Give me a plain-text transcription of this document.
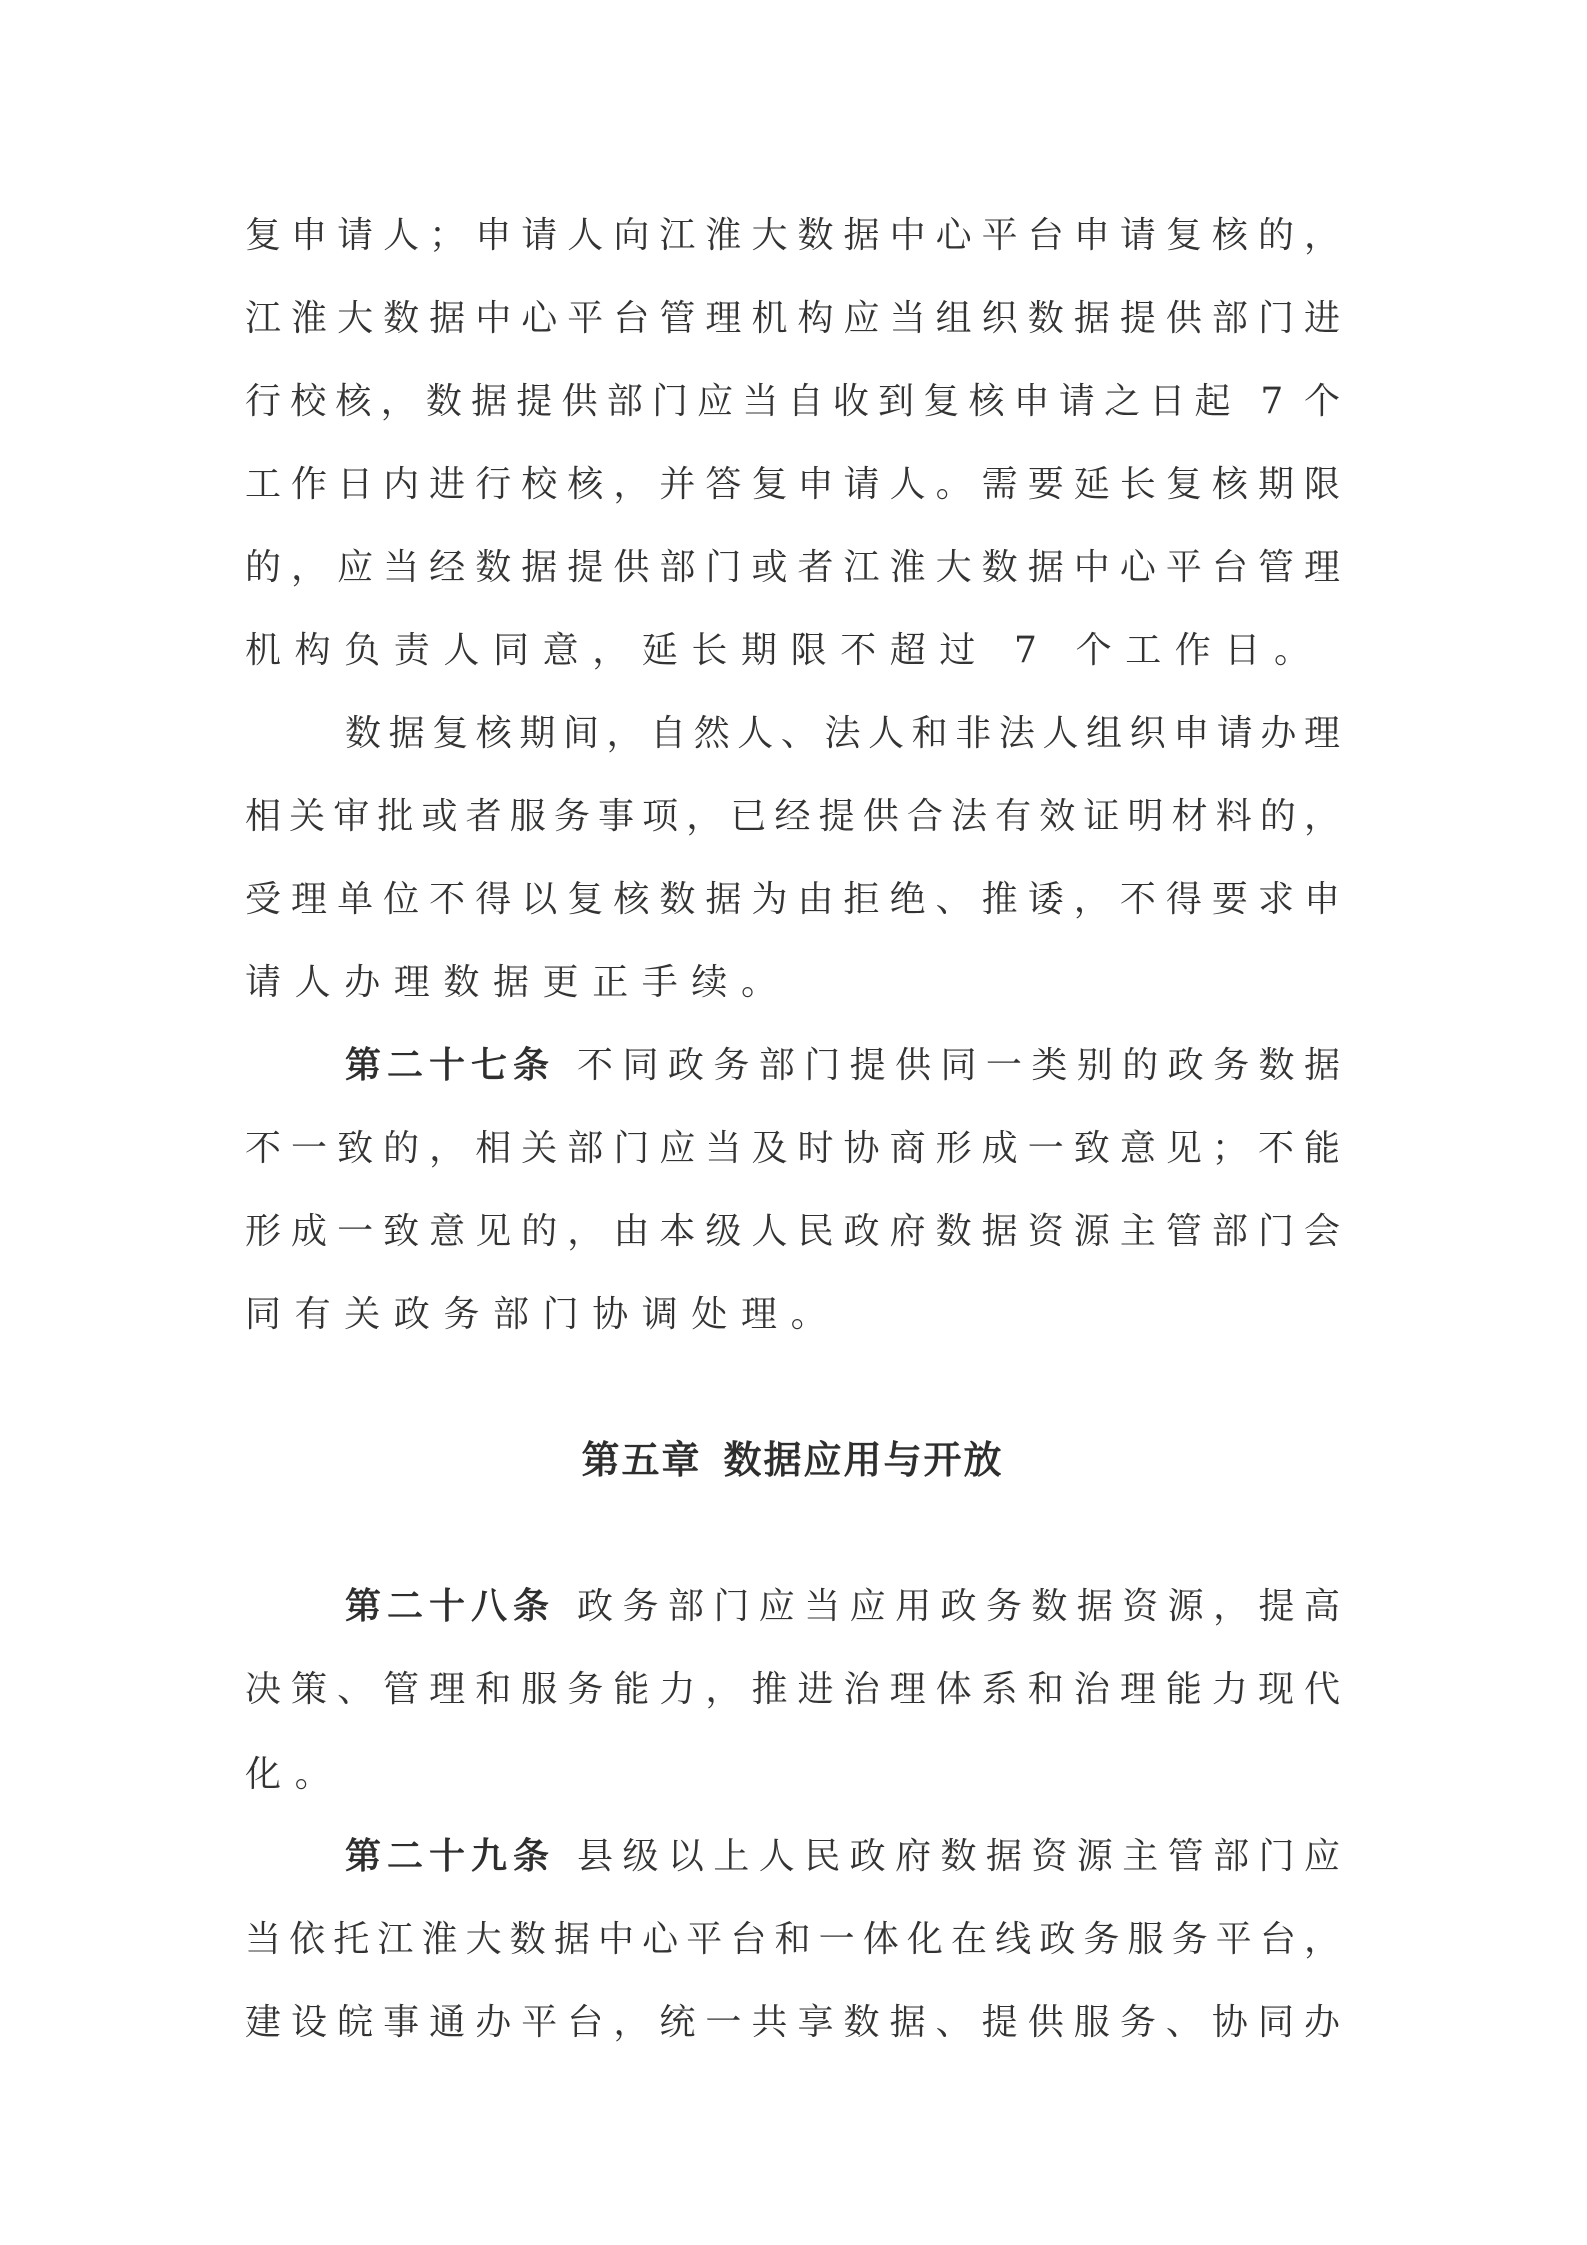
复申请人；申请人向江淮大数据中心平台申请复核的，
江淮大数据中心平台管理机构应当组织数据提供部门进
行校核，数据提供部门应当自收到复核申请之日起 7 个
工作日内进行校核，并答复申请人。需要延长复核期限
的，应当经数据提供部门或者江淮大数据中心平台管理
机构负责人同意，延长期限不超过 7 个工作日。
数据复核期间，自然人、法人和非法人组织申请办理
相关审批或者服务事项，已经提供合法有效证明材料的，
受理单位不得以复核数据为由拒绝、推诿，不得要求申
请人办理数据更正手续。
第二十七条 不同政务部门提供同一类别的政务数据
不一致的，相关部门应当及时协商形成一致意见；不能
形成一致意见的，由本级人民政府数据资源主管部门会
同有关政务部门协调处理。
第五章 数据应用与开放
第二十八条 政务部门应当应用政务数据资源，提高
决策、管理和服务能力，推进治理体系和治理能力现代
化。
第二十九条 县级以上人民政府数据资源主管部门应
当依托江淮大数据中心平台和一体化在线政务服务平台，
建设皖事通办平台，统一共享数据、提供服务、协同办
